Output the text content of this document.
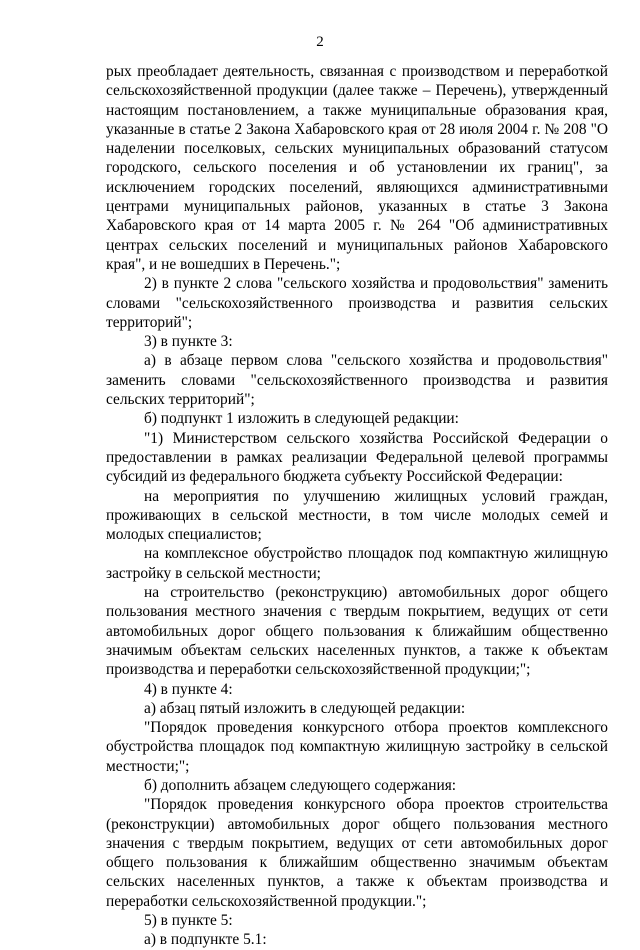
2

рых преобладает деятельность, связанная с производством и переработкой сельскохозяйственной продукции (далее также – Перечень), утвержденный настоящим постановлением, а также муниципальные образования края, указанные в статье 2 Закона Хабаровского края от 28 июля 2004 г. № 208 "О наделении поселковых, сельских муниципальных образований статусом городского, сельского поселения и об установлении их границ", за исключением городских поселений, являющихся административными центрами муниципальных районов, указанных в статье 3 Закона Хабаровского края от 14 марта 2005 г. № 264 "Об административных центрах сельских поселений и муниципальных районов Хабаровского края", и не вошедших в Перечень.";

2) в пункте 2 слова "сельского хозяйства и продовольствия" заменить словами "сельскохозяйственного производства и развития сельских территорий";

3) в пункте 3:

а) в абзаце первом слова "сельского хозяйства и продовольствия" заменить словами "сельскохозяйственного производства и развития сельских территорий";

б) подпункт 1 изложить в следующей редакции:

"1) Министерством сельского хозяйства Российской Федерации о предоставлении в рамках реализации Федеральной целевой программы субсидий из федерального бюджета субъекту Российской Федерации:

на мероприятия по улучшению жилищных условий граждан, проживающих в сельской местности, в том числе молодых семей и молодых специалистов;

на комплексное обустройство площадок под компактную жилищную застройку в сельской местности;

на строительство (реконструкцию) автомобильных дорог общего пользования местного значения с твердым покрытием, ведущих от сети автомобильных дорог общего пользования к ближайшим общественно значимым объектам сельских населенных пунктов, а также к объектам производства и переработки сельскохозяйственной продукции;";

4) в пункте 4:

а) абзац пятый изложить в следующей редакции:

"Порядок проведения конкурсного отбора проектов комплексного обустройства площадок под компактную жилищную застройку в сельской местности;";

б) дополнить абзацем следующего содержания:

"Порядок проведения конкурсного обора проектов строительства (реконструкции) автомобильных дорог общего пользования местного значения с твердым покрытием, ведущих от сети автомобильных дорог общего пользования к ближайшим общественно значимым объектам сельских населенных пунктов, а также к объектам производства и переработки сельскохозяйственной продукции.";

5) в пункте 5:

а) в подпункте 5.1:
